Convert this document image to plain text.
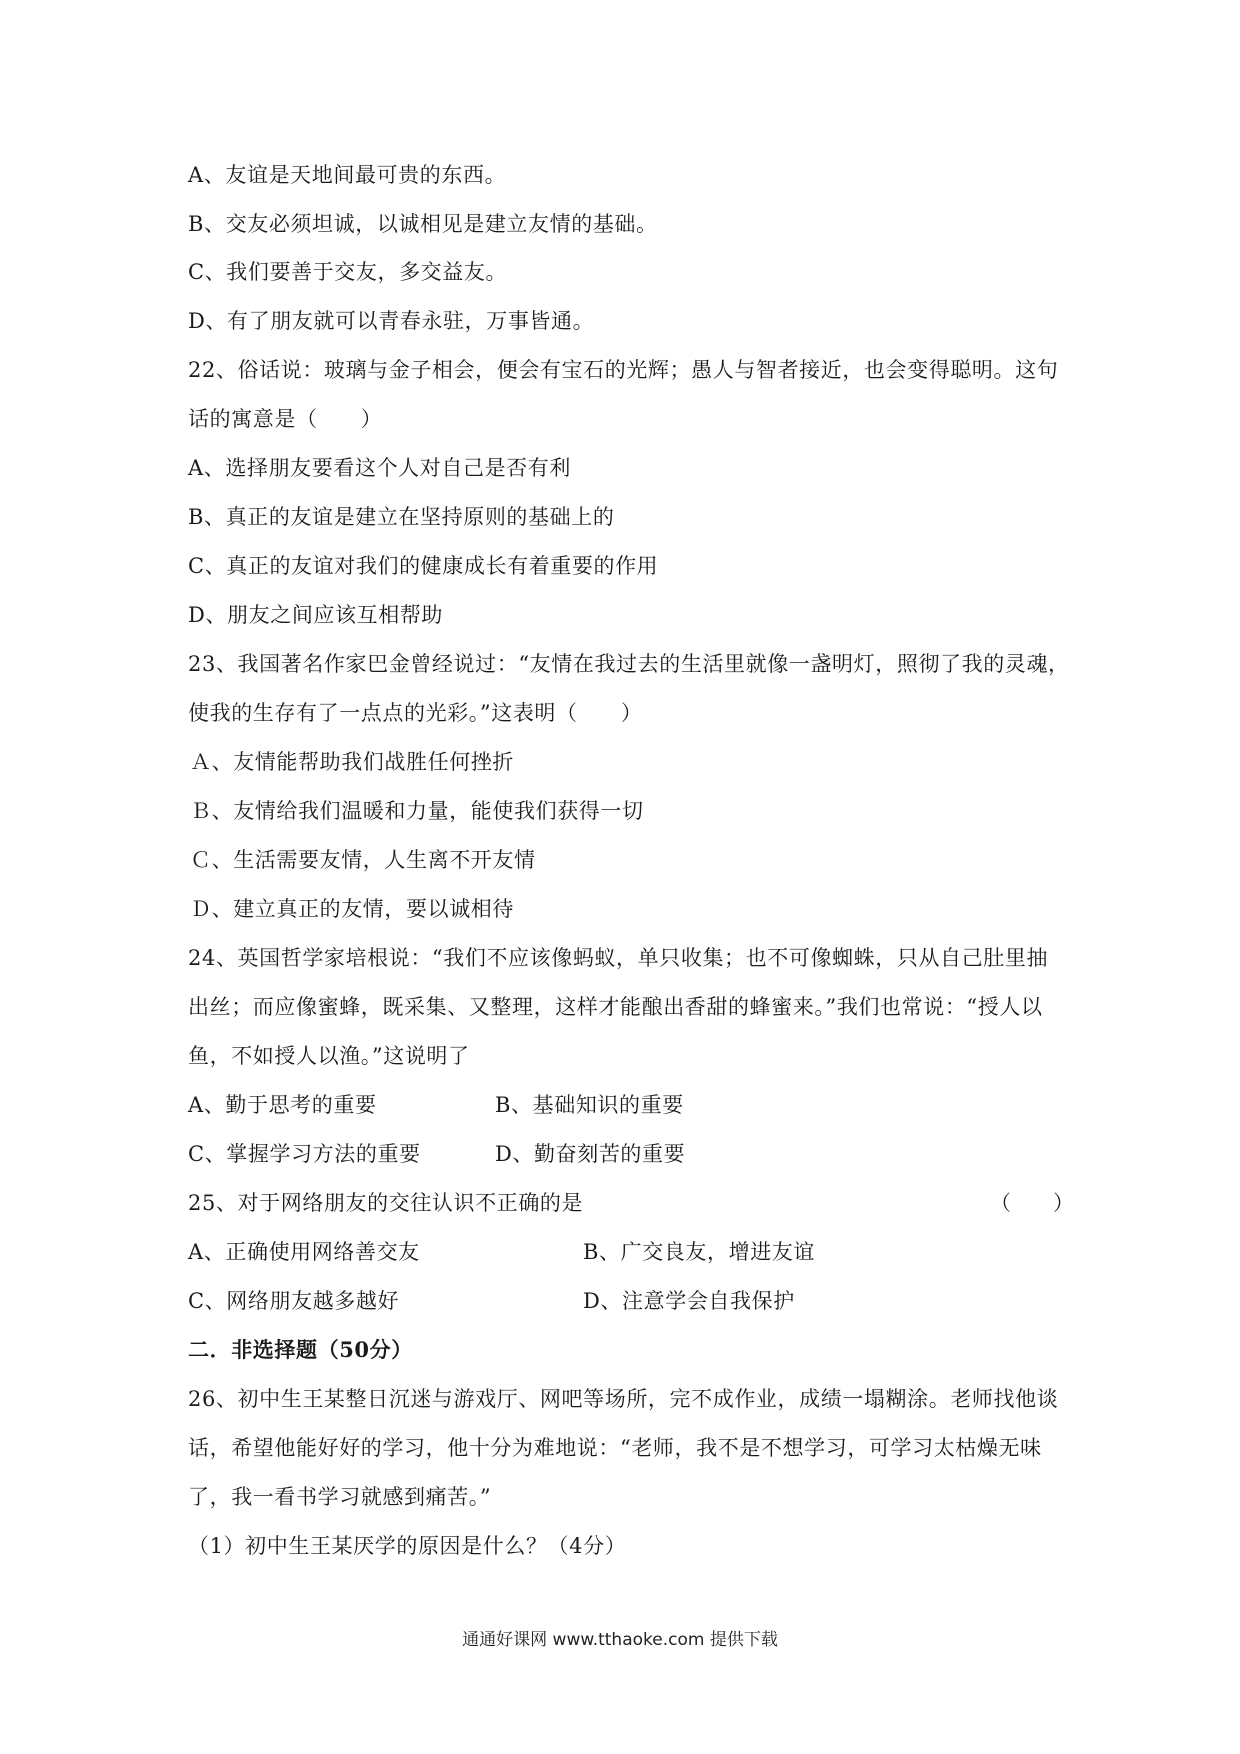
A、友谊是天地间最可贵的东西。
B、交友必须坦诚，以诚相见是建立友情的基础。
C、我们要善于交友，多交益友。
D、有了朋友就可以青春永驻，万事皆通。
22、俗话说：玻璃与金子相会，便会有宝石的光辉；愚人与智者接近，也会变得聪明。这句
话的寓意是（　　）
A、选择朋友要看这个人对自己是否有利
B、真正的友谊是建立在坚持原则的基础上的
C、真正的友谊对我们的健康成长有着重要的作用
D、朋友之间应该互相帮助
23、我国著名作家巴金曾经说过：“友情在我过去的生活里就像一盏明灯，照彻了我的灵魂，
使我的生存有了一点点的光彩。”这表明（　　）
Ａ、友情能帮助我们战胜任何挫折
Ｂ、友情给我们温暖和力量，能使我们获得一切
Ｃ、生活需要友情，人生离不开友情
Ｄ、建立真正的友情，要以诚相待
24、英国哲学家培根说：“我们不应该像蚂蚁，单只收集；也不可像蜘蛛，只从自己肚里抽
出丝；而应像蜜蜂，既采集、又整理，这样才能酿出香甜的蜂蜜来。”我们也常说：“授人以
鱼，不如授人以渔。”这说明了
A、勤于思考的重要	B、基础知识的重要
C、掌握学习方法的重要	D、勤奋刻苦的重要
25、对于网络朋友的交往认识不正确的是	（　　）
A、正确使用网络善交友	B、广交良友，增进友谊
C、网络朋友越多越好	D、注意学会自我保护
二．非选择题（50分）
26、初中生王某整日沉迷与游戏厅、网吧等场所，完不成作业，成绩一塌糊涂。老师找他谈
话，希望他能好好的学习，他十分为难地说：“老师，我不是不想学习，可学习太枯燥无味
了，我一看书学习就感到痛苦。”
（1）初中生王某厌学的原因是什么？（4分）
通通好课网 www.tthaoke.com 提供下载
